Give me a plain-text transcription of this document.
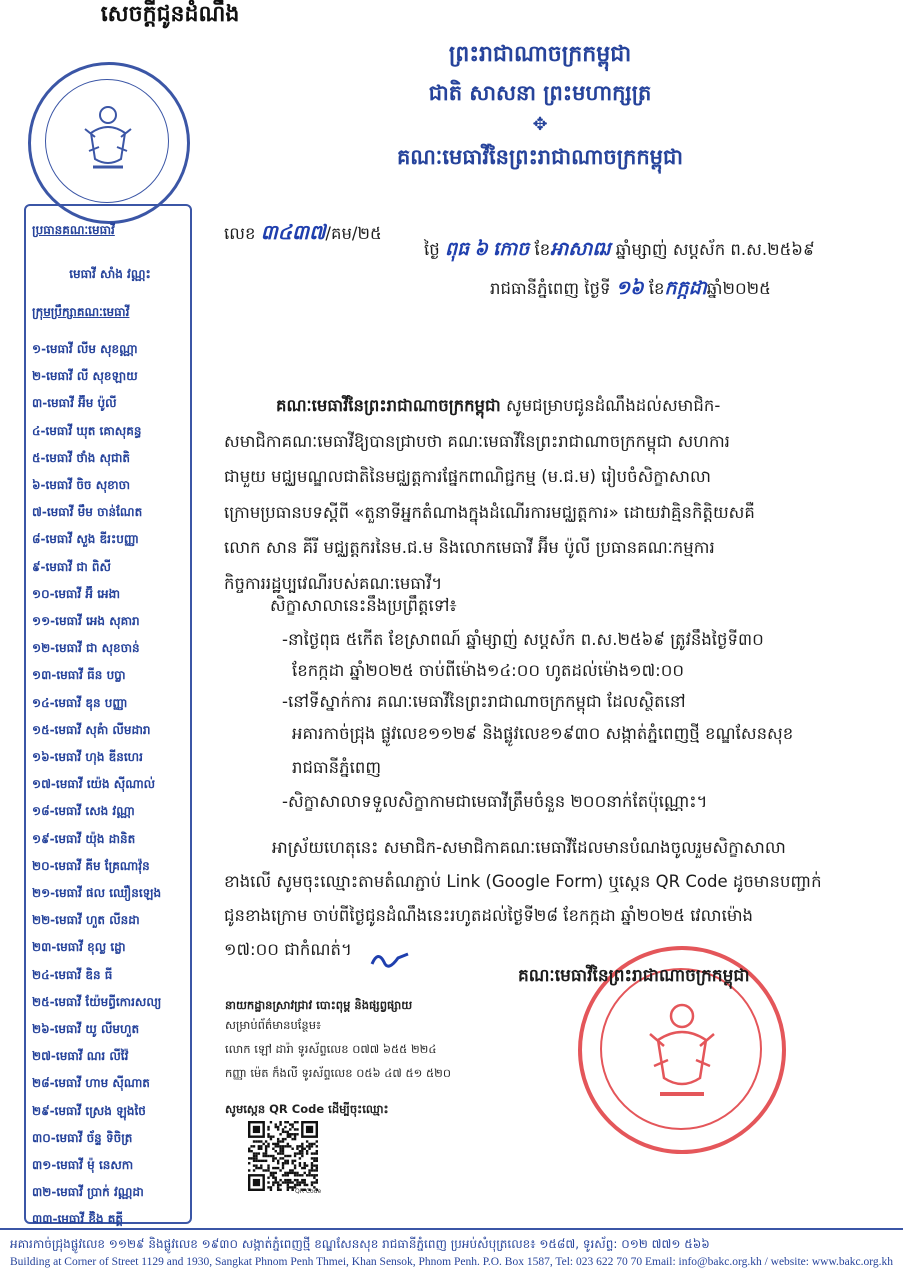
ព្រះរាជាណាចក្រកម្ពុជា
ជាតិ សាសនា ព្រះមហាក្សត្រ
✥
គណៈមេធាវីនៃព្រះរាជាណាចក្រកម្ពុជា
ប្រធានគណៈមេធាវី
មេធាវី សាំង វណ្ណះ
ក្រុមប្រឹក្សាគណៈមេធាវី
១-មេធាវី លីម សុខណ្ណា
២-មេធាវី លី សុខឡាយ
៣-មេធាវី អ៊ីម ប៉ូលី
៤-មេធាវី ឃុត គោសុគន្ធ
៥-មេធាវី ថាំង សុជាតិ
៦-មេធាវី ចិច សុខាចា
៧-មេធាវី មឹម ចាន់ណែត
៨-មេធាវី សួង ឌីរះបញ្ញា
៩-មេធាវី ជា ពិសី
១០-មេធាវី អ៊ឹ អេងា
១១-មេធាវី អេង សុគារា
១២-មេធាវី ជា សុខចាន់
១៣-មេធាវី ធីន បប្លា
១៤-មេធាវី ឌុន បញ្ញា
១៥-មេធាវី សុគំា លីមដារា
១៦-មេធាវី ហុង ឌីនហេរ
១៧-មេធាវី យ៉េង ស៊ីណាល់
១៨-មេធាវី សេង វណ្ណា
១៩-មេធាវី យ៉ុង ដានិត
២០-មេធាវី គីម គ្រែណាវ៉ុន
២១-មេធាវី ផល ឈឿនឡេង
២២-មេធាវី ហួត លីនដា
២៣-មេធាវី ខុល្ល ដ្លោ
២៤-មេធាវី ឌិន ធី
២៥-មេធាវី យ៉ែមព្ធីកោរសល្យ
២៦-មេធាវី យូ លីមហួត
២៧-មេធាវី ណរ លីវ៉ៃ
២៨-មេធាវី ហាម ស៊ីណាត
២៩-មេធាវី ស្រេង ឡុងថៃ
៣០-មេធាវី ច័ន្ទ ទិចិត្រ
៣១-មេធាវី ម៉ុ នេសកា
៣២-មេធាវី ប្រាក់ វណ្ណដា
៣៣-មេធាវី ខ៊ិង គគ្គី
លេខ ៣៤៣៧/គម/២៥
ថ្ងៃ ពុធ ៦ កោច ខែអាសាឍ ឆ្នាំម្សាញ់ សប្តស័ក ព.ស.២៥៦៩
រាជធានីភ្នំពេញ ថ្ងៃទី ១៦ ខែកក្កដាឆ្នាំ២០២៥
សេចក្តីជូនដំណឹង
គណៈមេធាវីនៃព្រះរាជាណាចក្រកម្ពុជា សូមជម្រាបជូនដំណឹងដល់សមាជិក-
សមាជិកាគណៈមេធាវីឱ្យបានជ្រាបថា គណៈមេធាវីនៃព្រះរាជាណាចក្រកម្ពុជា សហការ
ជាមួយ មជ្ឈមណ្ឌលជាតិនៃមជ្ឈត្តការផ្នែកពាណិជ្ជកម្ម (ម.ជ.ម) រៀបចំសិក្ខាសាលា
ក្រោមប្រធានបទស្តីពី «តួនាទីអ្នកតំណាងក្នុងដំណើរការមជ្ឈត្តការ» ដោយវាគ្មិនកិត្តិយសគឺ
លោក សាន គីរី មជ្ឈត្តករនៃម.ជ.ម និងលោកមេធាវី អ៊ីម ប៉ូលី ប្រធានគណៈកម្មការ
កិច្ចការរដ្ឋប្បវេណីរបស់គណៈមេធាវី។
សិក្ខាសាលានេះនឹងប្រព្រឹត្តទៅ៖
-នាថ្ងៃពុធ ៥កើត ខែស្រាពណ៍ ឆ្នាំម្សាញ់ សប្តស័ក ព.ស.២៥៦៩ ត្រូវនឹងថ្ងៃទី៣០
ខែកក្កដា ឆ្នាំ២០២៥ ចាប់ពីម៉ោង១៤:០០ ហូតដល់ម៉ោង១៧:០០
-នៅទីស្នាក់ការ គណៈមេធាវីនៃព្រះរាជាណាចក្រកម្ពុជា ដែលស្ថិតនៅ
អគារកាច់ជ្រុង ផ្លូវលេខ១១២៩ និងផ្លូវលេខ១៩៣០ សង្កាត់ភ្នំពេញថ្មី ខណ្ឌសែនសុខ
រាជធានីភ្នំពេញ
-សិក្ខាសាលាទទួលសិក្ខាកាមជាមេធាវីត្រឹមចំនួន ២០០នាក់តែប៉ុណ្ណោះ។
អាស្រ័យហេតុនេះ សមាជិក-សមាជិកាគណៈមេធាវីដែលមានបំណងចូលរួមសិក្ខាសាលា
ខាងលើ សូមចុះឈ្មោះតាមតំណភ្ជាប់ Link (Google Form) ឬស្កេន QR Code ដូចមានបញ្ជាក់
ជូនខាងក្រោម ចាប់ពីថ្ងៃជូនដំណឹងនេះរហូតដល់ថ្ងៃទី២៨ ខែកក្កដា ឆ្នាំ២០២៥ វេលាម៉ោង
១៧:០០ ជាកំណត់។
គណៈមេធាវីនៃព្រះរាជាណាចក្រកម្ពុជា
នាយកដ្ឋានស្រាវជ្រាវ បោះពុម្ព និងផ្សព្វផ្សាយ
សម្រាប់ព័ត៌មានបន្ថែម៖
លោក ឡៅ ដារ៉ា ទូរស័ព្ទលេខ ០៧៧ ៦៥៥ ២២៤
កញ្ញា ម៉េត ក៏ងលី ទូរស័ព្ទលេខ ០៥៦ ៤៧ ៥១ ៥២០
សូមស្កេន QR Code ដើម្បីចុះឈ្មោះ
QR Code
អគារកាច់ជ្រុងផ្លូវលេខ ១១២៩ និងផ្លូវលេខ ១៩៣០ សង្កាត់ភ្នំពេញថ្មី ខណ្ឌសែនសុខ រាជធានីភ្នំពេញ ប្រអប់សំបុត្រលេខ៖ ១៥៨៧, ទូរស័ព្ទ: ០១២ ៧៧១ ៥៦៦
Building at Corner of Street 1129 and 1930, Sangkat Phnom Penh Thmei, Khan Sensok, Phnom Penh. P.O. Box 1587, Tel: 023 622 70 70 Email: info@bakc.org.kh / website: www.bakc.org.kh
